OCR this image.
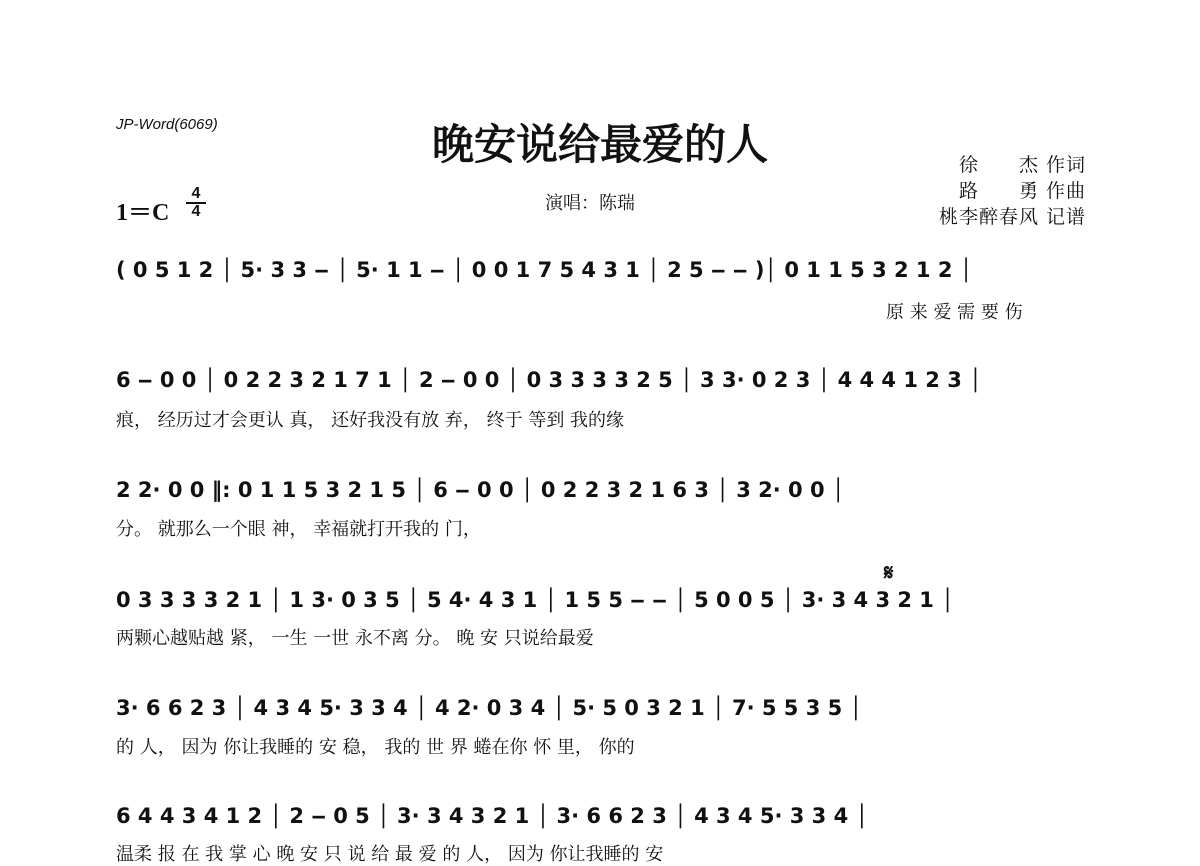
JP-Word(6069)	晚安说给最爱的人
演唱：陈瑞
徐　　杰 作词
路　　勇 作曲
桃李醉春风 记谱
1＝C
4
4
𝄋
( 0 5 1 2 │ 5· 3 3 ‒ │ 5· 1 1 ‒ │ 0 0 1 7 5 4 3 1 │ 2 5 ‒ ‒ )│ 0 1 1 5 3 2 1 2 │
原 来 爱 需 要 伤
6 ‒ 0 0 │ 0 2 2 3 2 1 7 1 │ 2 ‒ 0 0 │ 0 3 3 3 3 2 5 │ 3 3· 0 2 3 │ 4 4 4 1 2 3 │
痕， 经历过才会更认 真， 还好我没有放 弃， 终于 等到 我的缘
2 2· 0 0 ‖: 0 1 1 5 3 2 1 5 │ 6 ‒ 0 0 │ 0 2 2 3 2 1 6 3 │ 3 2· 0 0 │
分。 就那么一个眼 神， 幸福就打开我的 门，
0 3 3 3 3 2 1 │ 1 3· 0 3 5 │ 5 4· 4 3 1 │ 1 5 5 ‒ ‒ │ 5 0 0 5 │ 3· 3 4 3 2 1 │
两颗心越贴越 紧， 一生 一世 永不离 分。 晚 安 只说给最爱
3· 6 6 2 3 │ 4 3 4 5· 3 3 4 │ 4 2· 0 3 4 │ 5· 5 0 3 2 1 │ 7· 5 5 3 5 │
的 人， 因为 你让我睡的 安 稳， 我的 世 界 蜷在你 怀 里， 你的
6 4 4 3 4 1 2 │ 2 ‒ 0 5 │ 3· 3 4 3 2 1 │ 3· 6 6 2 3 │ 4 3 4 5· 3 3 4 │
温柔 报 在 我 掌 心 晚 安 只 说 给 最 爱 的 人， 因为 你让我睡的 安
